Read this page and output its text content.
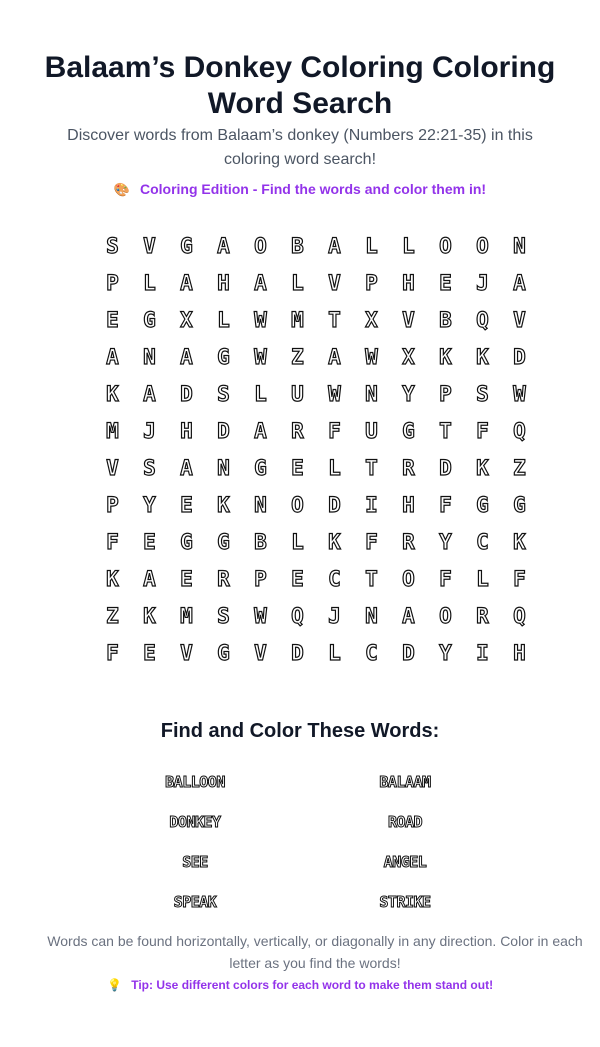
Balaam’s Donkey Coloring Coloring Word Search

Discover words from Balaam’s donkey (Numbers 22:21-35) in this coloring word search!

🎨 Coloring Edition - Find the words and color them in!
S	V	G	A	O	B	A	L	L	O	O	N
P	L	A	H	A	L	V	P	H	E	J	A
E	G	X	L	W	M	T	X	V	B	Q	V
A	N	A	G	W	Z	A	W	X	K	K	D
K	A	D	S	L	U	W	N	Y	P	S	W
M	J	H	D	A	R	F	U	G	T	F	Q
V	S	A	N	G	E	L	T	R	D	K	Z
P	Y	E	K	N	O	D	I	H	F	G	G
F	E	G	G	B	L	K	F	R	Y	C	K
K	A	E	R	P	E	C	T	O	F	L	F
Z	K	M	S	W	Q	J	N	A	O	R	Q
F	E	V	G	V	D	L	C	D	Y	I	H
Find and Color These Words:
BALLOON	BALAAM
DONKEY	ROAD
SEE	ANGEL
SPEAK	STRIKE

Words can be found horizontally, vertically, or diagonally in any direction. Color in each letter as you find the words!

💡 Tip: Use different colors for each word to make them stand out!
